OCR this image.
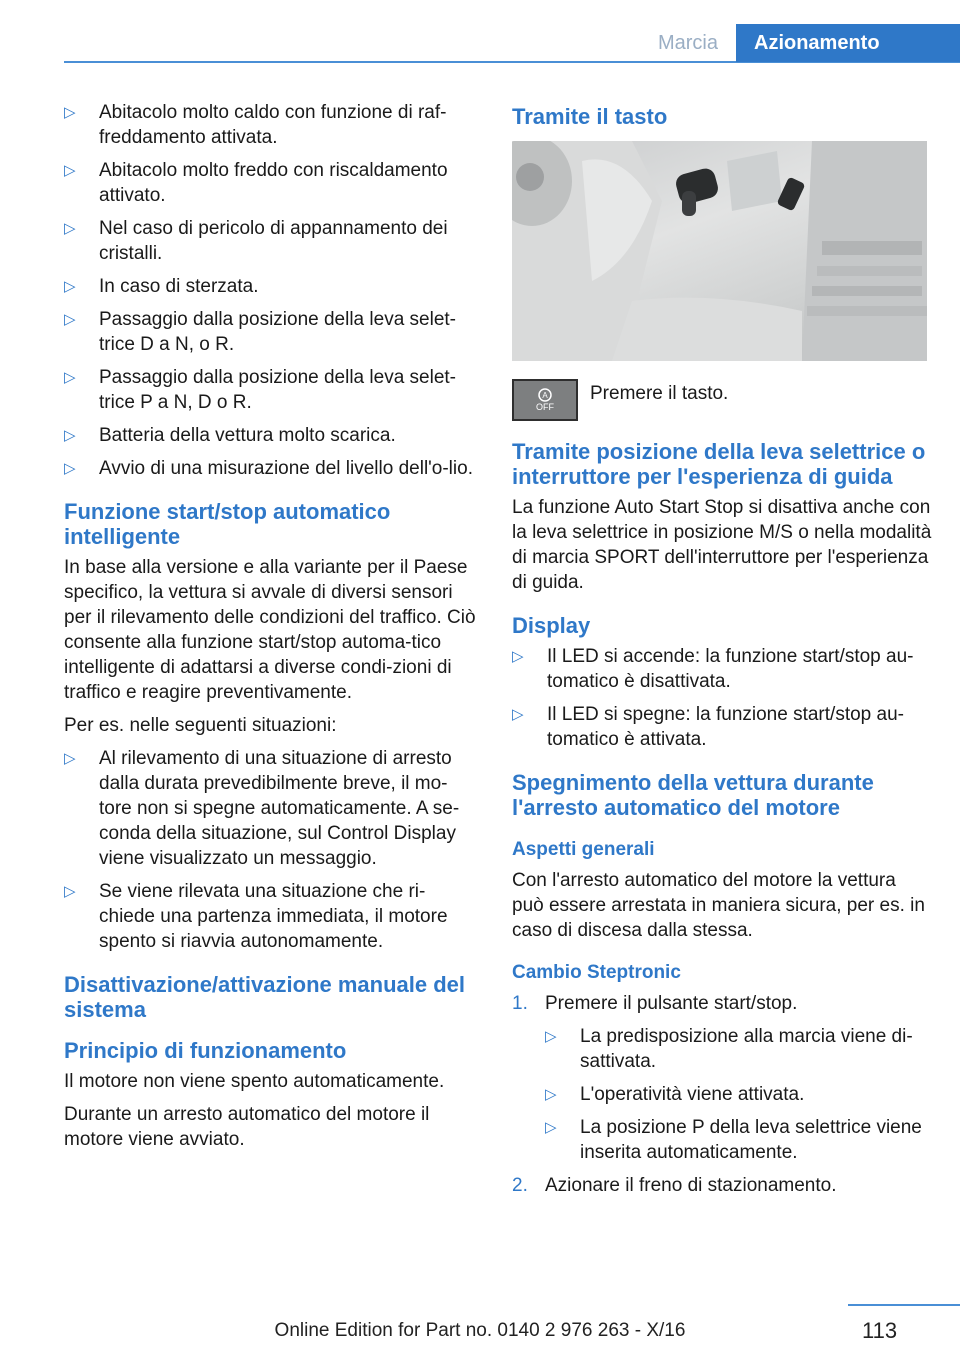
Marcia	Azionamento
▷ Abitacolo molto caldo con funzione di raf-freddamento attivata.
▷ Abitacolo molto freddo con riscaldamento attivato.
▷ Nel caso di pericolo di appannamento dei cristalli.
▷ In caso di sterzata.
▷ Passaggio dalla posizione della leva selet-trice D a N, o R.
▷ Passaggio dalla posizione della leva selet-trice P a N, D o R.
▷ Batteria della vettura molto scarica.
▷ Avvio di una misurazione del livello dell'o-lio.
Funzione start/stop automatico intelligente
In base alla versione e alla variante per il Paese specifico, la vettura si avvale di diversi sensori per il rilevamento delle condizioni del traffico. Ciò consente alla funzione start/stop automa-tico intelligente di adattarsi a diverse condi-zioni di traffico e reagire preventivamente.
Per es. nelle seguenti situazioni:
▷ Al rilevamento di una situazione di arresto dalla durata prevedibilmente breve, il mo-tore non si spegne automaticamente. A se-conda della situazione, sul Control Display viene visualizzato un messaggio.
▷ Se viene rilevata una situazione che ri-chiede una partenza immediata, il motore spento si riavvia autonomamente.
Disattivazione/attivazione manuale del sistema
Principio di funzionamento
Il motore non viene spento automaticamente.
Durante un arresto automatico del motore il motore viene avviato.
Tramite il tasto
A
OFF
Premere il tasto.
Tramite posizione della leva selettrice o interruttore per l'esperienza di guida
La funzione Auto Start Stop si disattiva anche con la leva selettrice in posizione M/S o nella modalità di marcia SPORT dell'interruttore per l'esperienza di guida.
Display
▷ Il LED si accende: la funzione start/stop au-tomatico è disattivata.
▷ Il LED si spegne: la funzione start/stop au-tomatico è attivata.
Spegnimento della vettura durante l'arresto automatico del motore
Aspetti generali
Con l'arresto automatico del motore la vettura può essere arrestata in maniera sicura, per es. in caso di discesa dalla stessa.
Cambio Steptronic
1. Premere il pulsante start/stop.
▷ La predisposizione alla marcia viene di-sattivata.
▷ L'operatività viene attivata.
▷ La posizione P della leva selettrice viene inserita automaticamente.
2. Azionare il freno di stazionamento.
113
Online Edition for Part no. 0140 2 976 263 - X/16
